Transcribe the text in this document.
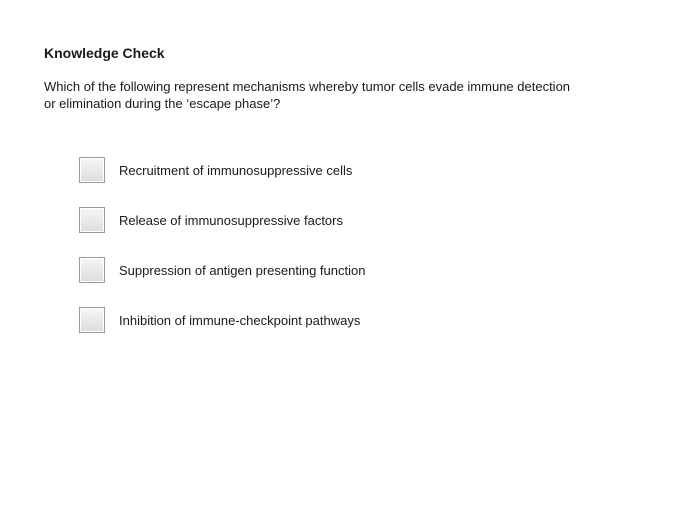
Knowledge Check
Which of the following represent mechanisms whereby tumor cells evade immune detection or elimination during the ‘escape phase’?
Recruitment of immunosuppressive cells
Release of immunosuppressive factors
Suppression of antigen presenting function
Inhibition of immune-checkpoint pathways
